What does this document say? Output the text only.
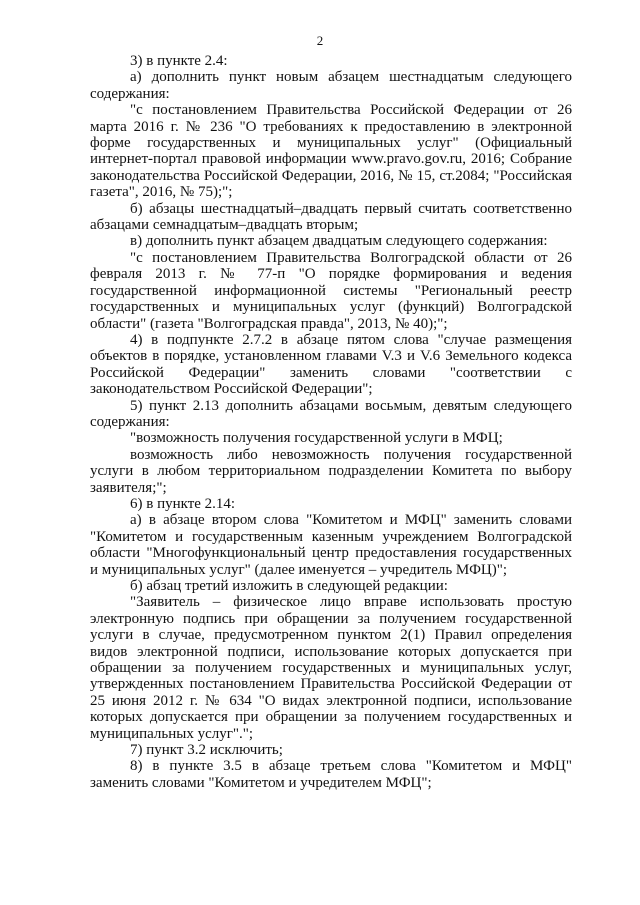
2

3) в пункте 2.4:

а) дополнить пункт новым абзацем шестнадцатым следующего содержания:

"с постановлением Правительства Российской Федерации от 26 марта 2016 г. № 236 "О требованиях к предоставлению в электронной форме государственных и муниципальных услуг" (Официальный интернет-портал правовой информации www.pravo.gov.ru, 2016; Собрание законодательства Российской Федерации, 2016, № 15, ст.2084; "Российская газета", 2016, № 75);";

б) абзацы шестнадцатый–двадцать первый считать соответственно абзацами семнадцатым–двадцать вторым;

в) дополнить пункт абзацем двадцатым следующего содержания:

"с постановлением Правительства Волгоградской области от 26 февраля 2013 г. № 77-п "О порядке формирования и ведения государственной информационной системы "Региональный реестр государственных и муниципальных услуг (функций) Волгоградской области" (газета "Волгоградская правда", 2013, № 40);";

4) в подпункте 2.7.2 в абзаце пятом слова "случае размещения объектов в порядке, установленном главами V.3 и V.6 Земельного кодекса Российской Федерации" заменить словами "соответствии с законодательством Российской Федерации";

5) пункт 2.13 дополнить абзацами восьмым, девятым следующего содержания:

"возможность получения государственной услуги в МФЦ;

возможность либо невозможность получения государственной услуги в любом территориальном подразделении Комитета по выбору заявителя;";

6) в пункте 2.14:

а) в абзаце втором слова "Комитетом и МФЦ" заменить словами "Комитетом и государственным казенным учреждением Волгоградской области "Многофункциональный центр предоставления государственных и муниципальных услуг" (далее именуется – учредитель МФЦ)";

б) абзац третий изложить в следующей редакции:

"Заявитель – физическое лицо вправе использовать простую электронную подпись при обращении за получением государственной услуги в случае, предусмотренном пунктом 2(1) Правил определения видов электронной подписи, использование которых допускается при обращении за получением государственных и муниципальных услуг, утвержденных постановлением Правительства Российской Федерации от 25 июня 2012 г. № 634 "О видах электронной подписи, использование которых допускается при обращении за получением государственных и муниципальных услуг".";

7) пункт 3.2 исключить;

8) в пункте 3.5 в абзаце третьем слова "Комитетом и МФЦ" заменить словами "Комитетом и учредителем МФЦ";
